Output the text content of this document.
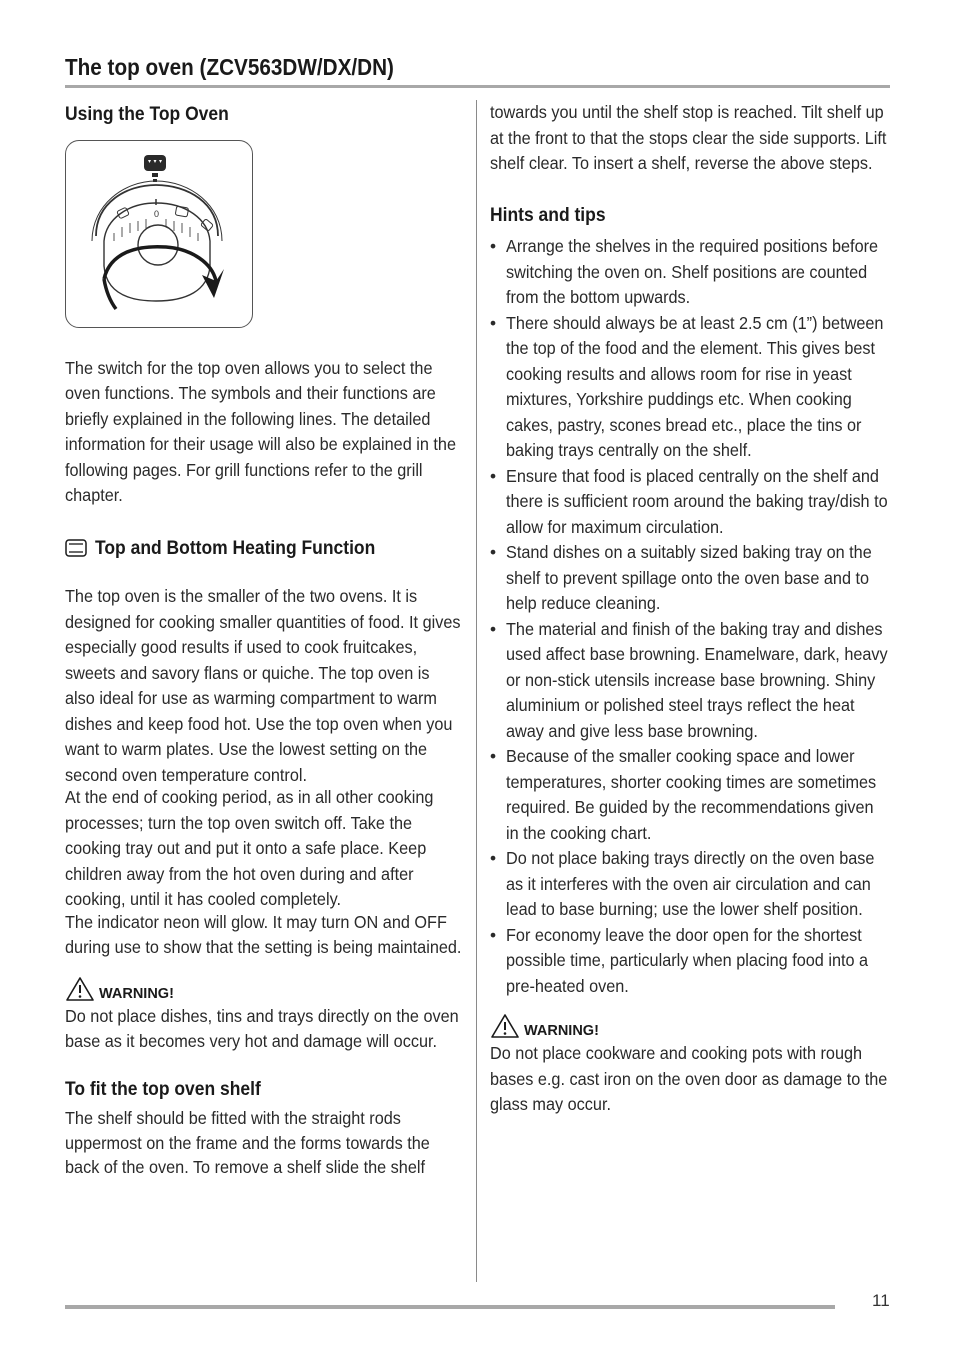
The top oven (ZCV563DW/DX/DN)
Using the Top Oven
0

The switch for the top oven allows you to select the oven functions. The symbols and their functions are briefly explained in the following lines. The detailed information for their usage will also be explained in the following pages. For grill functions refer to the grill chapter.

Top and Bottom Heating Function

The top oven is the smaller of the two ovens. It is designed for cooking smaller quantities of food. It gives especially good results if used to cook fruitcakes, sweets and savory flans or quiche. The top oven is also ideal for use as warming compartment to warm dishes and keep food hot. Use the top oven when you want to warm plates. Use the lowest setting on the second oven temperature control.

At the end of cooking period, as in all other cooking processes; turn the top oven switch off. Take the cooking tray out and put it onto a safe place. Keep children away from the hot oven during and after cooking, until it has cooled completely.

The indicator neon will glow. It may turn ON and OFF during use to show that the setting is being maintained.

WARNING!

Do not place dishes, tins and trays directly on the oven base as it becomes very hot and damage will occur.

To fit the top oven shelf

The shelf should be fitted with the straight rods uppermost on the frame and the forms towards the back of the oven. To remove a shelf slide the shelf

towards you until the shelf stop is reached. Tilt shelf up at the front to that the stops clear the side supports. Lift shelf clear. To insert a shelf, reverse the above steps.

Hints and tips
• Arrange the shelves in the required positions before switching the oven on. Shelf positions are counted from the bottom upwards.
• There should always be at least 2.5 cm (1”) between the top of the food and the element. This gives best cooking results and allows room for rise in yeast mixtures, Yorkshire puddings etc. When cooking cakes, pastry, scones bread etc., place the tins or baking trays centrally on the shelf.
• Ensure that food is placed centrally on the shelf and there is sufficient room around the baking tray/dish to allow for maximum circulation.
• Stand dishes on a suitably sized baking tray on the shelf to prevent spillage onto the oven base and to help reduce cleaning.
• The material and finish of the baking tray and dishes used affect base browning. Enamelware, dark, heavy or non-stick utensils increase base browning. Shiny aluminium or polished steel trays reflect the heat away and give less base browning.
• Because of the smaller cooking space and lower temperatures, shorter cooking times are sometimes required. Be guided by the recommendations given in the cooking chart.
• Do not place baking trays directly on the oven base as it interferes with the oven air circulation and can lead to base burning; use the lower shelf position.
• For economy leave the door open for the shortest possible time, particularly when placing food into a pre-heated oven.
WARNING!

Do not place cookware and cooking pots with rough bases e.g. cast iron on the oven door as damage to the glass may occur.

11
